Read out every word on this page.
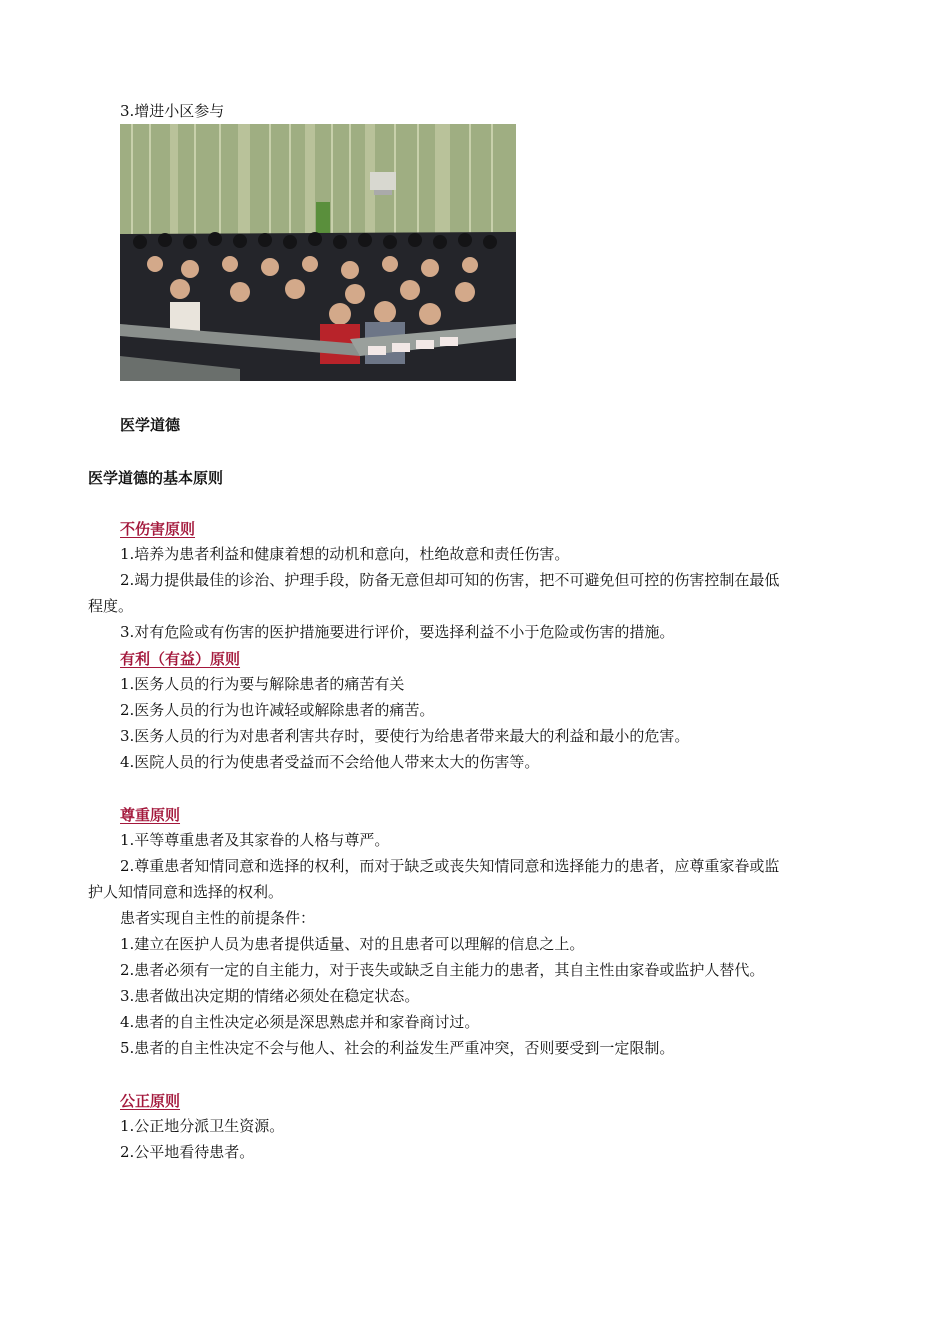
3.增进小区参与
医学道德
医学道德的基本原则
不伤害原则
1.培养为患者利益和健康着想的动机和意向，杜绝故意和责任伤害。
2.竭力提供最佳的诊治、护理手段，防备无意但却可知的伤害，把不可避免但可控的伤害控制在最低
程度。
3.对有危险或有伤害的医护措施要进行评价，要选择利益不小于危险或伤害的措施。
有利（有益）原则
1.医务人员的行为要与解除患者的痛苦有关
2.医务人员的行为也许减轻或解除患者的痛苦。
3.医务人员的行为对患者利害共存时，要使行为给患者带来最大的利益和最小的危害。
4.医院人员的行为使患者受益而不会给他人带来太大的伤害等。
尊重原则
1.平等尊重患者及其家眷的人格与尊严。
2.尊重患者知情同意和选择的权利，而对于缺乏或丧失知情同意和选择能力的患者，应尊重家眷或监
护人知情同意和选择的权利。
患者实现自主性的前提条件：
1.建立在医护人员为患者提供适量、对的且患者可以理解的信息之上。
2.患者必须有一定的自主能力，对于丧失或缺乏自主能力的患者，其自主性由家眷或监护人替代。
3.患者做出决定期的情绪必须处在稳定状态。
4.患者的自主性决定必须是深思熟虑并和家眷商讨过。
5.患者的自主性决定不会与他人、社会的利益发生严重冲突，否则要受到一定限制。
公正原则
1.公正地分派卫生资源。
2.公平地看待患者。
